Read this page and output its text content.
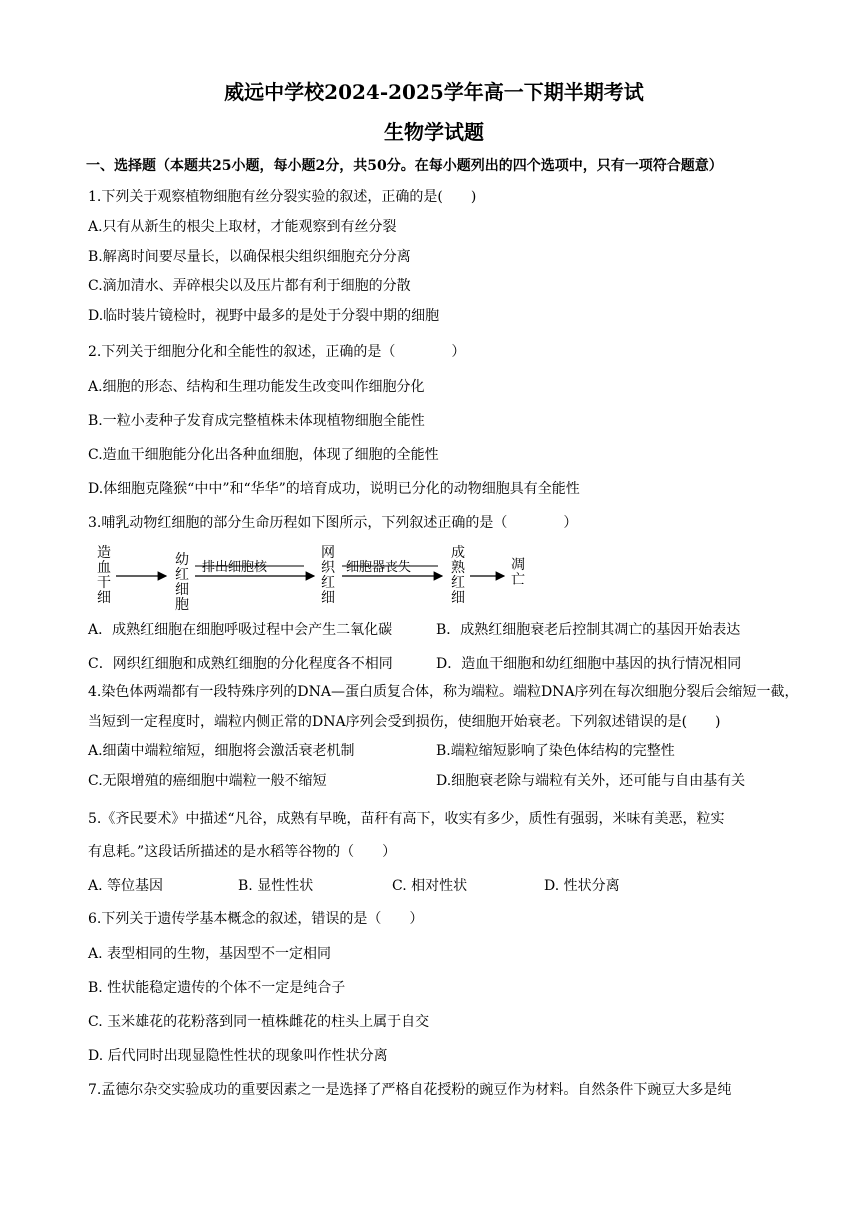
威远中学校2024-2025学年高一下期半期考试
生物学试题
一、选择题（本题共25小题，每小题2分，共50分。在每小题列出的四个选项中，只有一项符合题意）
1.下列关于观察植物细胞有丝分裂实验的叙述，正确的是(　　)
A.只有从新生的根尖上取材，才能观察到有丝分裂
B.解离时间要尽量长，以确保根尖组织细胞充分分离
C.滴加清水、弄碎根尖以及压片都有利于细胞的分散
D.临时装片镜检时，视野中最多的是处于分裂中期的细胞
2.下列关于细胞分化和全能性的叙述，正确的是（　　　　）
A.细胞的形态、结构和生理功能发生改变叫作细胞分化
B.一粒小麦种子发育成完整植株未体现植物细胞全能性
C.造血干细胞能分化出各种血细胞，体现了细胞的全能性
D.体细胞克隆猴“中中”和“华华”的培育成功，说明已分化的动物细胞具有全能性
3.哺乳动物红细胞的部分生命历程如下图所示，下列叙述正确的是（　　　　）
造
血
干
细
幼
红
细
胞
网
织
红
细
成
熟
红
细
凋
亡
排出细胞核	细胞器丧失
A．成熟红细胞在细胞呼吸过程中会产生二氧化碳	B．成熟红细胞衰老后控制其凋亡的基因开始表达
C．网织红细胞和成熟红细胞的分化程度各不相同	D．造血干细胞和幼红细胞中基因的执行情况相同
4.染色体两端都有一段特殊序列的DNA—蛋白质复合体，称为端粒。端粒DNA序列在每次细胞分裂后会缩短一截，
当短到一定程度时，端粒内侧正常的DNA序列会受到损伤，使细胞开始衰老。下列叙述错误的是(　　)
A.细菌中端粒缩短，细胞将会激活衰老机制	B.端粒缩短影响了染色体结构的完整性
C.无限增殖的癌细胞中端粒一般不缩短	D.细胞衰老除与端粒有关外，还可能与自由基有关
5.《齐民要术》中描述“凡谷，成熟有早晚，苗秆有高下，收实有多少，质性有强弱，米味有美恶，粒实
有息耗。”这段话所描述的是水稻等谷物的（　　）
A. 等位基因	B. 显性性状	C. 相对性状	D. 性状分离
6.下列关于遗传学基本概念的叙述，错误的是（　　）
A. 表型相同的生物，基因型不一定相同
B. 性状能稳定遗传的个体不一定是纯合子
C. 玉米雄花的花粉落到同一植株雌花的柱头上属于自交
D. 后代同时出现显隐性性状的现象叫作性状分离
7.孟德尔杂交实验成功的重要因素之一是选择了严格自花授粉的豌豆作为材料。自然条件下豌豆大多是纯
